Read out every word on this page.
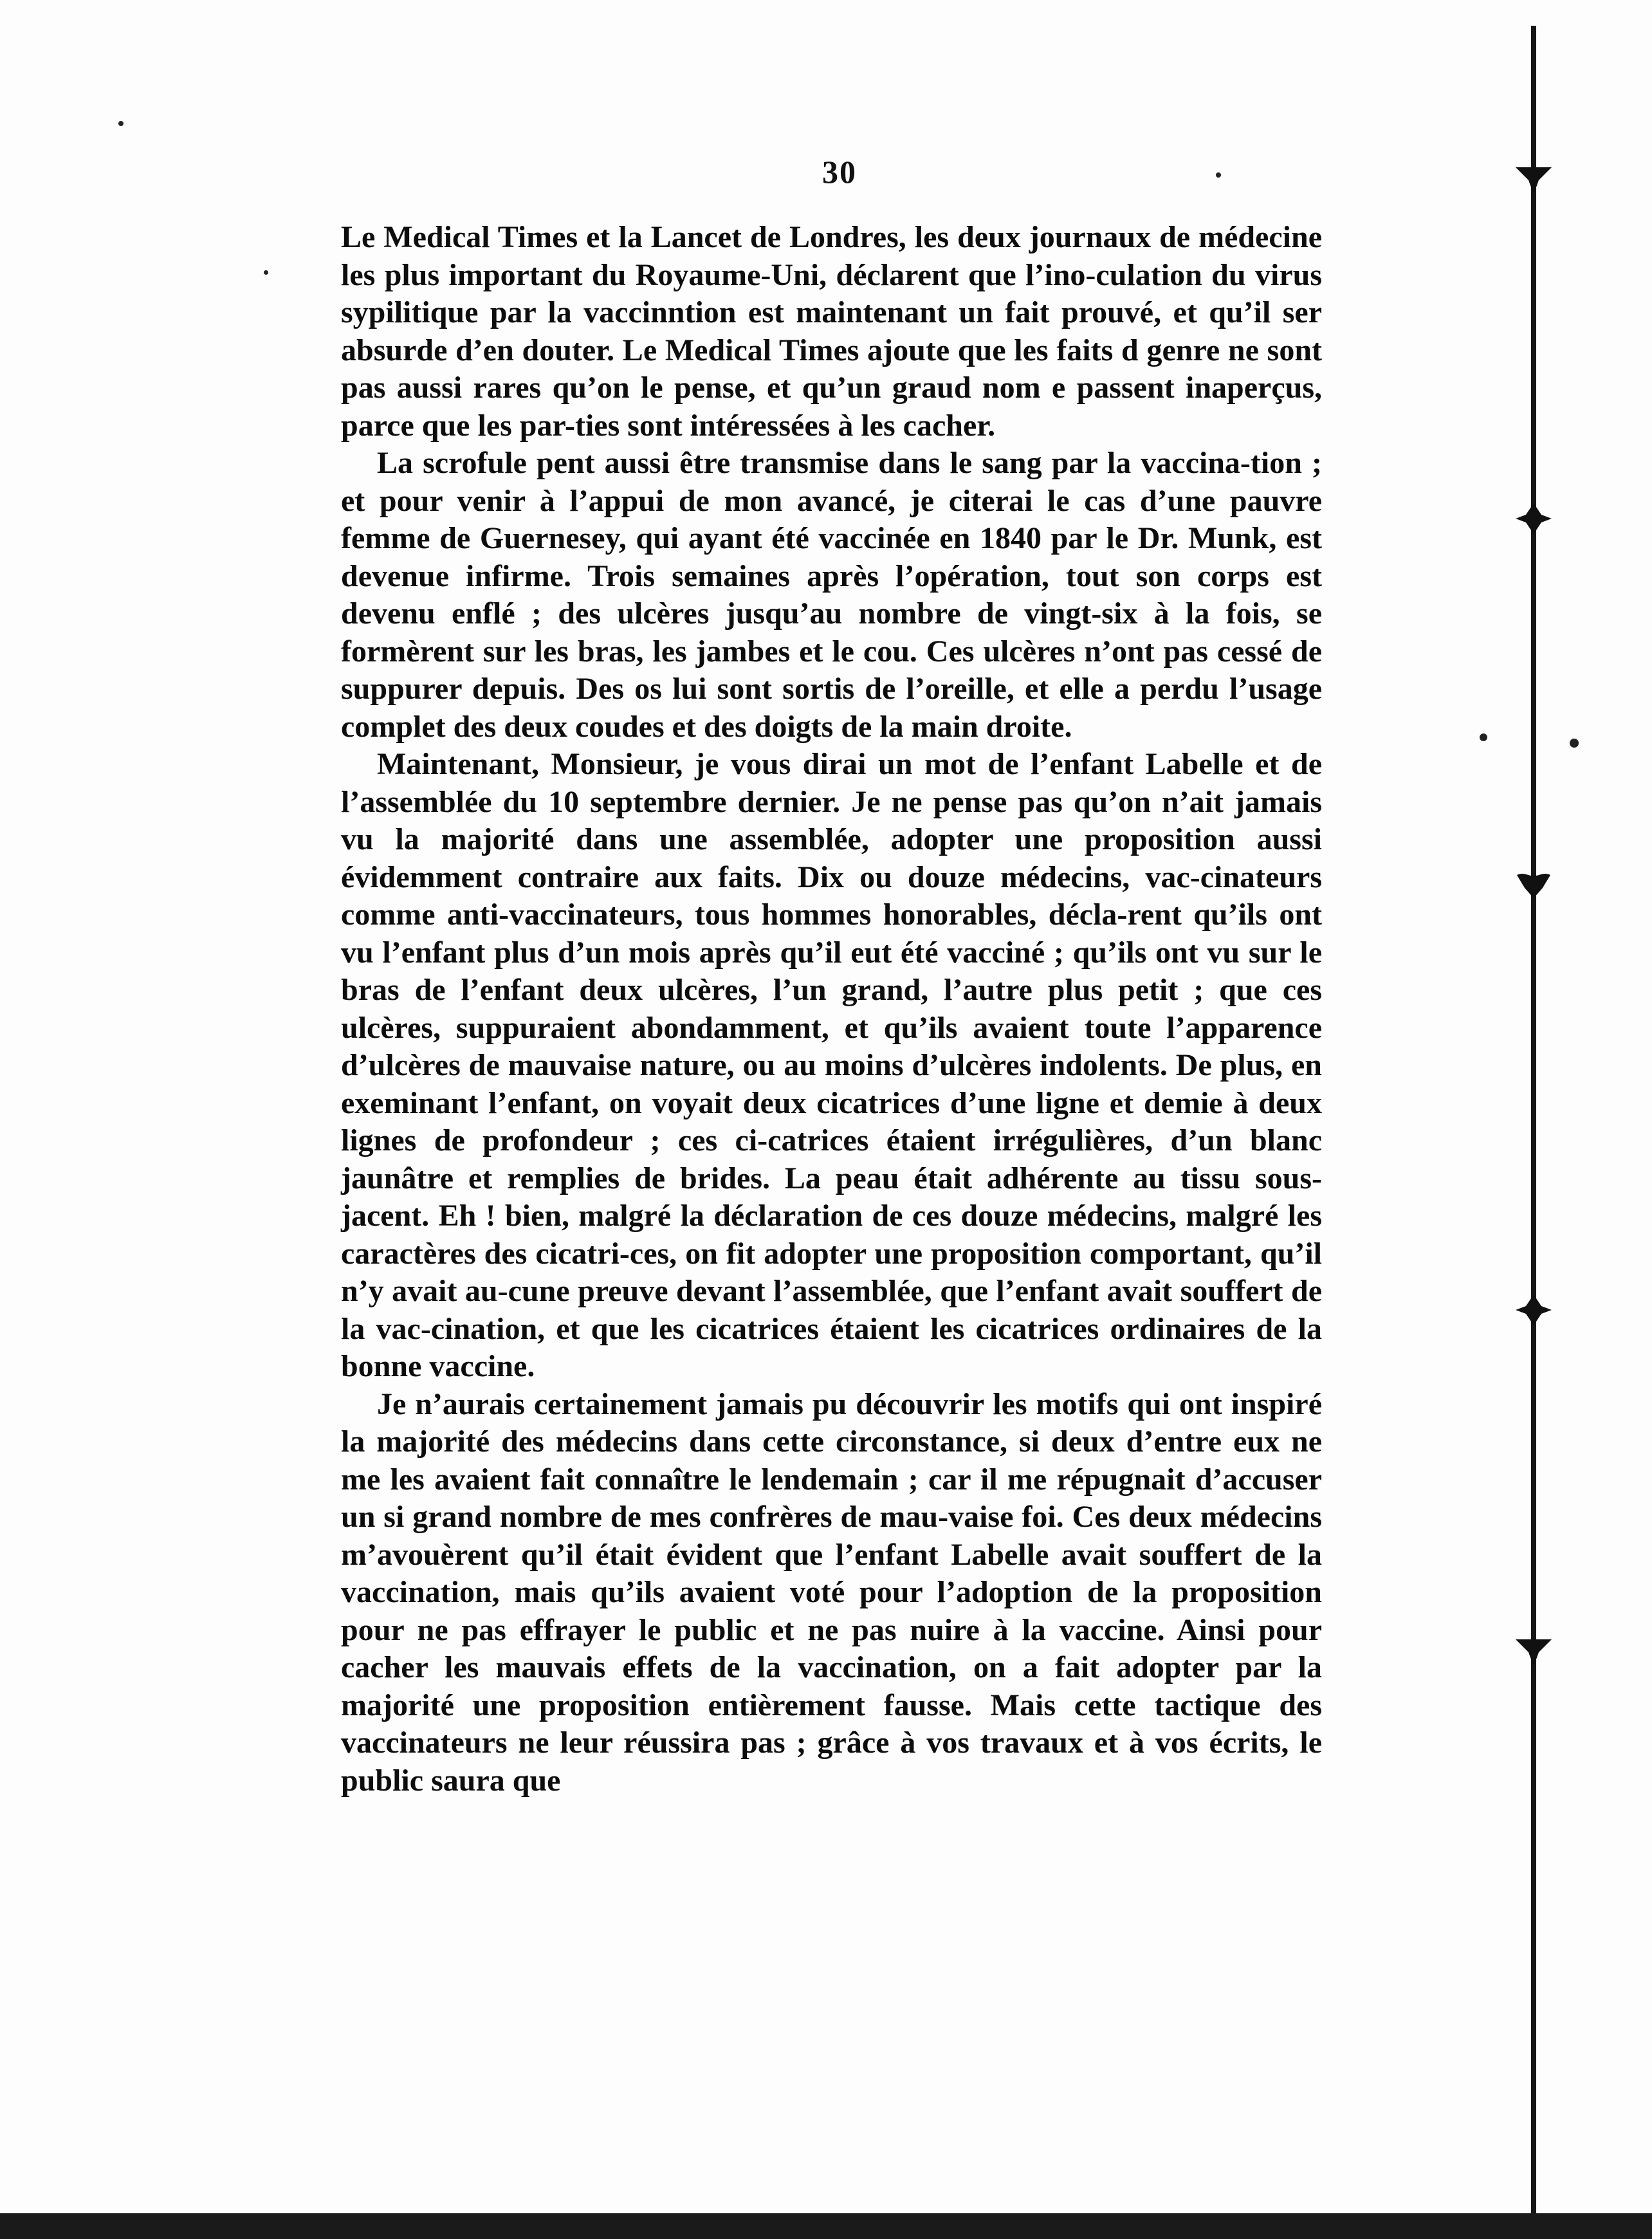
30

Le Medical Times et la Lancet de Londres, les deux journaux de médecine les plus important du Royaume-Uni, déclarent que l’ino-culation du virus sypilitique par la vaccinntion est maintenant un fait prouvé, et qu’il ser absurde d’en douter. Le Medical Times ajoute que les faits d genre ne sont pas aussi rares qu’on le pense, et qu’un graud nom e passent inaperçus, parce que les par-ties sont intéressées à les cacher.

La scrofule pent aussi être transmise dans le sang par la vaccina-tion ; et pour venir à l’appui de mon avancé, je citerai le cas d’une pauvre femme de Guernesey, qui ayant été vaccinée en 1840 par le Dr. Munk, est devenue infirme. Trois semaines après l’opération, tout son corps est devenu enflé ; des ulcères jusqu’au nombre de vingt-six à la fois, se formèrent sur les bras, les jambes et le cou. Ces ulcères n’ont pas cessé de suppurer depuis. Des os lui sont sortis de l’oreille, et elle a perdu l’usage complet des deux coudes et des doigts de la main droite.

Maintenant, Monsieur, je vous dirai un mot de l’enfant Labelle et de l’assemblée du 10 septembre dernier. Je ne pense pas qu’on n’ait jamais vu la majorité dans une assemblée, adopter une proposition aussi évidemment contraire aux faits. Dix ou douze médecins, vac-cinateurs comme anti-vaccinateurs, tous hommes honorables, décla-rent qu’ils ont vu l’enfant plus d’un mois après qu’il eut été vacciné ; qu’ils ont vu sur le bras de l’enfant deux ulcères, l’un grand, l’autre plus petit ; que ces ulcères, suppuraient abondamment, et qu’ils avaient toute l’apparence d’ulcères de mauvaise nature, ou au moins d’ulcères indolents. De plus, en exeminant l’enfant, on voyait deux cicatrices d’une ligne et demie à deux lignes de profondeur ; ces ci-catrices étaient irrégulières, d’un blanc jaunâtre et remplies de brides. La peau était adhérente au tissu sous-jacent. Eh ! bien, malgré la déclaration de ces douze médecins, malgré les caractères des cicatri-ces, on fit adopter une proposition comportant, qu’il n’y avait au-cune preuve devant l’assemblée, que l’enfant avait souffert de la vac-cination, et que les cicatrices étaient les cicatrices ordinaires de la bonne vaccine.

Je n’aurais certainement jamais pu découvrir les motifs qui ont inspiré la majorité des médecins dans cette circonstance, si deux d’entre eux ne me les avaient fait connaître le lendemain ; car il me répugnait d’accuser un si grand nombre de mes confrères de mau-vaise foi. Ces deux médecins m’avouèrent qu’il était évident que l’enfant Labelle avait souffert de la vaccination, mais qu’ils avaient voté pour l’adoption de la proposition pour ne pas effrayer le public et ne pas nuire à la vaccine. Ainsi pour cacher les mauvais effets de la vaccination, on a fait adopter par la majorité une proposition entièrement fausse. Mais cette tactique des vaccinateurs ne leur réussira pas ; grâce à vos travaux et à vos écrits, le public saura que
